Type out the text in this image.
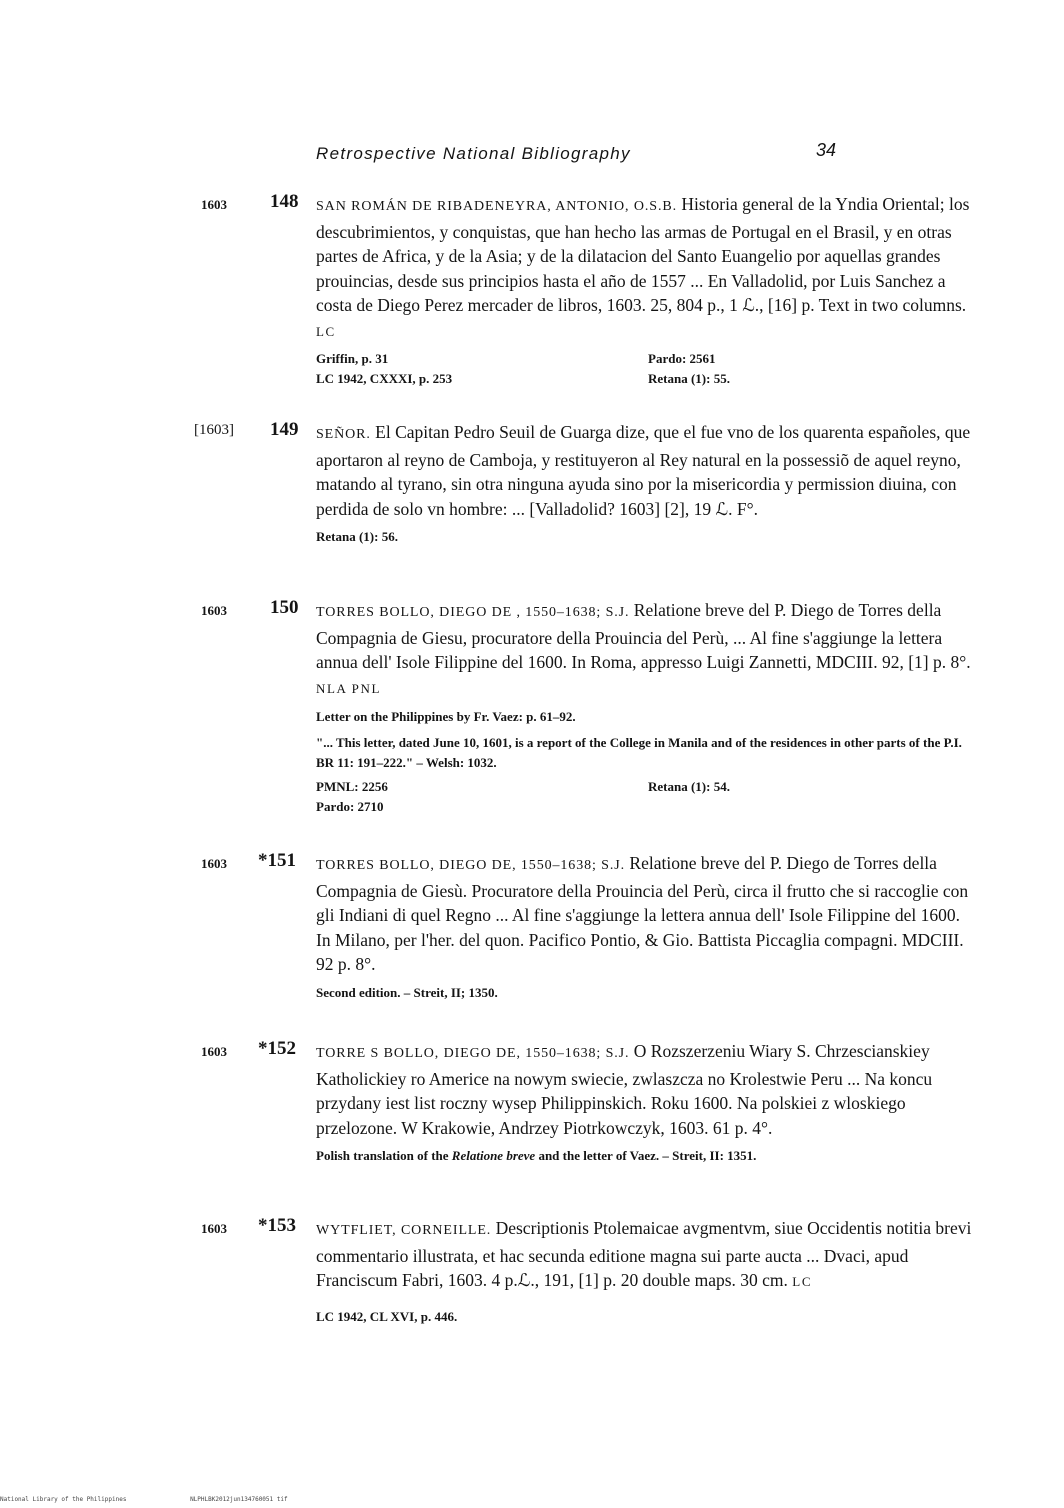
Retrospective National Bibliography	34
1603 148 SAN ROMÁN DE RIBADENEYRA, ANTONIO, O.S.B. Historia general de la Yndia Oriental; los descubrimientos, y conquistas, que han hecho las armas de Portugal en el Brasil, y en otras partes de Africa, y de la Asia; y de la dilatacion del Santo Euangelio por aquellas grandes prouincias, desde sus principios hasta el año de 1557 ... En Valladolid, por Luis Sanchez a costa de Diego Perez mercader de libros, 1603. 25, 804 p., 1 ℒ., [16] p. Text in two columns. LC
Griffin, p. 31	Pardo: 2561
LC 1942, CXXXI, p. 253	Retana (1): 55.
[1603] 149 SEÑOR. El Capitan Pedro Seuil de Guarga dize, que el fue vno de los quarenta españoles, que aportaron al reyno de Camboja, y restituyeron al Rey natural en la possessiõ de aquel reyno, matando al tyrano, sin otra ninguna ayuda sino por la misericordia y permission diuina, con perdida de solo vn hombre: ... [Valladolid? 1603] [2], 19 ℒ. F°.
Retana (1): 56.
1603 150 TORRES BOLLO, DIEGO DE , 1550–1638; S.J. Relatione breve del P. Diego de Torres della Compagnia de Giesu, procuratore della Prouincia del Perù, ... Al fine s'aggiunge la lettera annua dell' Isole Filippine del 1600. In Roma, appresso Luigi Zannetti, MDCIII. 92, [1] p. 8°. NLA PNL
Letter on the Philippines by Fr. Vaez: p. 61–92.
"... This letter, dated June 10, 1601, is a report of the College in Manila and of the residences in other parts of the P.I. BR 11: 191–222." – Welsh: 1032.
PMNL: 2256	Retana (1): 54.
Pardo: 2710
1603 *151	TORRES BOLLO, DIEGO DE, 1550–1638; S.J. Relatione breve del P. Diego de Torres della Compagnia de Giesù. Procuratore della Prouincia del Perù, circa il frutto che si raccoglie con gli Indiani di quel Regno ... Al fine s'aggiunge la lettera annua dell' Isole Filippine del 1600. In Milano, per l'her. del quon. Pacifico Pontio, & Gio. Battista Piccaglia compagni. MDCIII. 92 p. 8°.
Second edition. – Streit, II; 1350.
1603 *152	TORRE S BOLLO, DIEGO DE, 1550–1638; S.J. O Rozszerzeniu Wiary S. Chrzescianskiey Katholickiey ro Americe na nowym swiecie, zwlaszcza no Krolestwie Peru ... Na koncu przydany iest list roczny wysep Philippinskich. Roku 1600. Na polskiei z wloskiego przelozone. W Krakowie, Andrzey Piotrkowczyk, 1603. 61 p. 4°.
Polish translation of the Relatione breve and the letter of Vaez. – Streit, II: 1351.
1603 *153	WYTFLIET, CORNEILLE. Descriptionis Ptolemaicae avgmentvm, siue Occidentis notitia brevi commentario illustrata, et hac secunda editione magna sui parte aucta ... Dvaci, apud Franciscum Fabri, 1603. 4 p.ℒ., 191, [1] p. 20 double maps. 30 cm. LC
LC 1942, CL XVI, p. 446.
National Library of the Philippines	NLPHLBK2012jun134760051 tif
